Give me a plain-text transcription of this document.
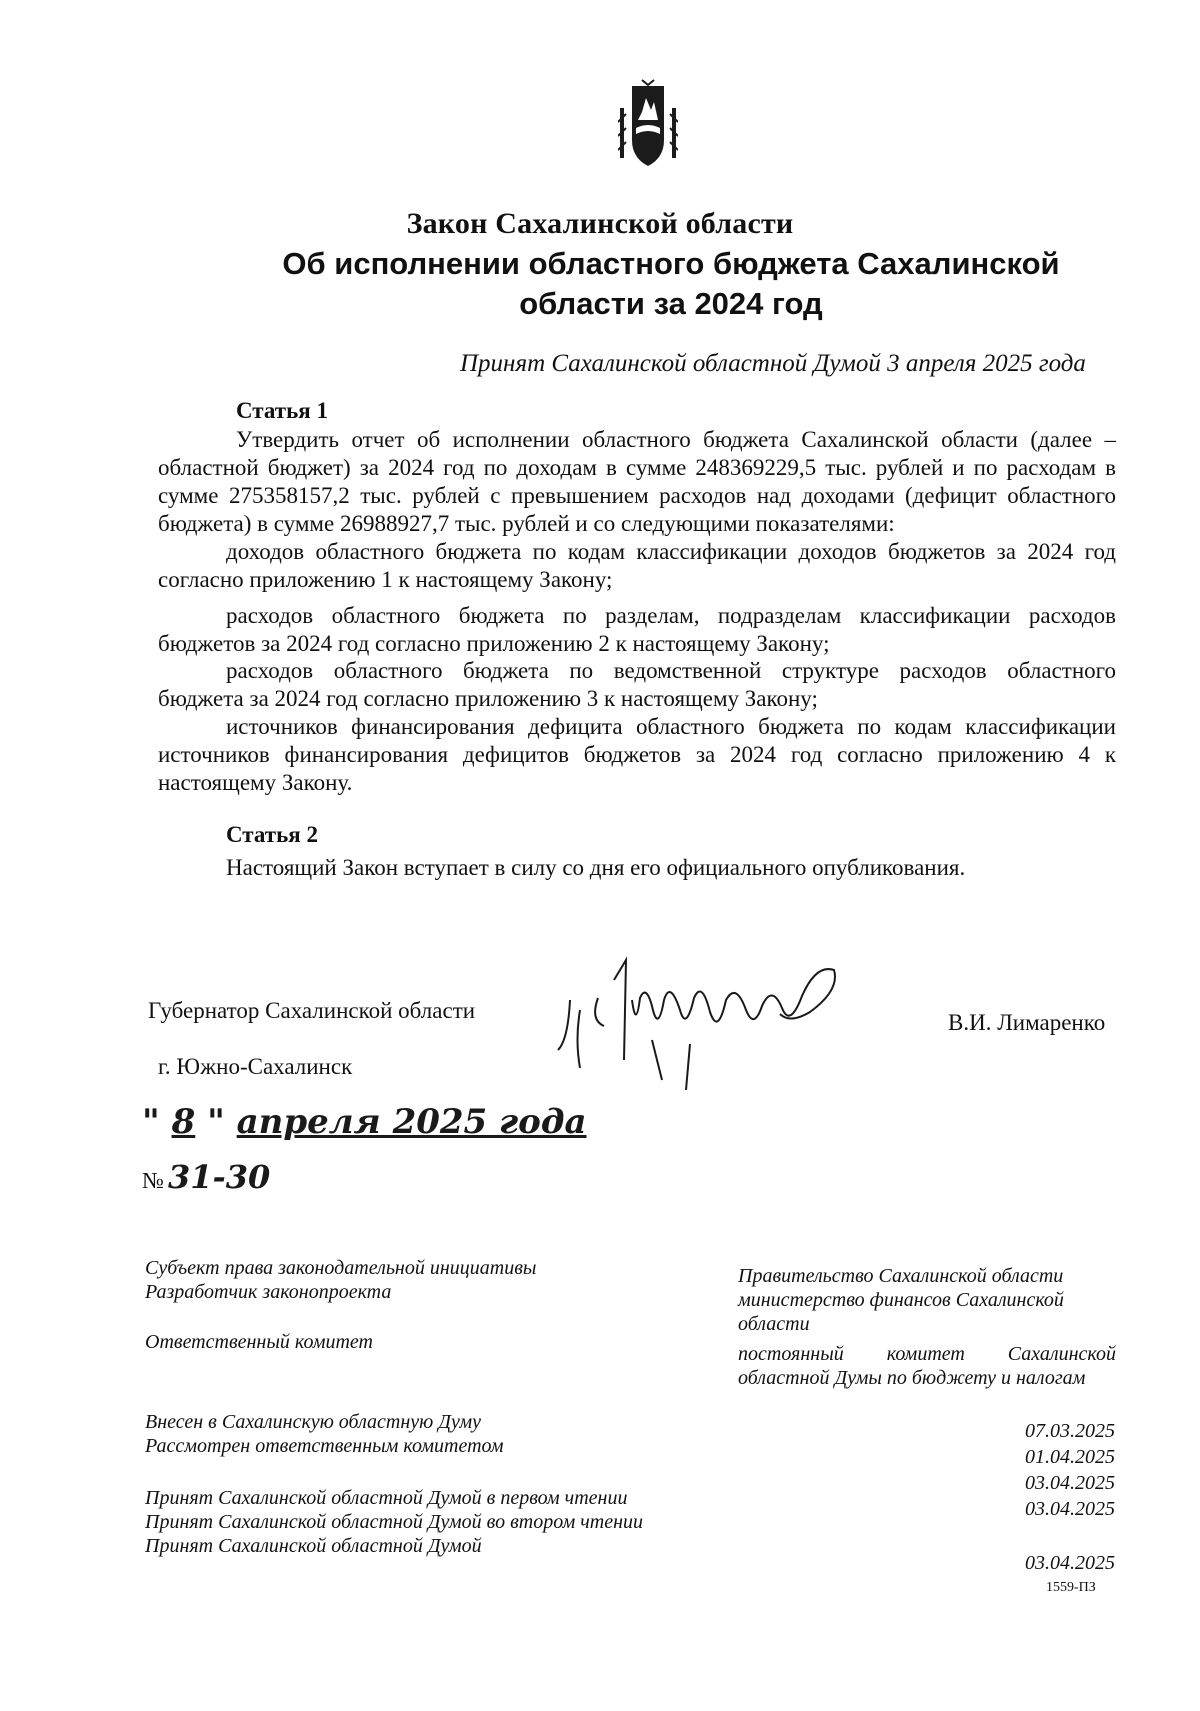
Закон Сахалинской области
Об исполнении областного бюджета Сахалинской
области за 2024 год
Принят Сахалинской областной Думой 3 апреля 2025 года
Статья 1
Утвердить отчет об исполнении областного бюджета Сахалинской области (далее –
областной бюджет) за 2024 год по доходам в сумме 248369229,5 тыс. рублей и по расходам в
сумме 275358157,2 тыс. рублей с превышением расходов над доходами (дефицит областного
бюджета) в сумме 26988927,7 тыс. рублей и со следующими показателями:
доходов областного бюджета по кодам классификации доходов бюджетов за 2024 год
согласно приложению 1 к настоящему Закону;
расходов областного бюджета по разделам, подразделам классификации расходов
бюджетов за 2024 год согласно приложению 2 к настоящему Закону;
расходов областного бюджета по ведомственной структуре расходов областного
бюджета за 2024 год согласно приложению 3 к настоящему Закону;
источников финансирования дефицита областного бюджета по кодам классификации
источников финансирования дефицитов бюджетов за 2024 год согласно приложению 4 к
настоящему Закону.
Статья 2
Настоящий Закон вступает в силу со дня его официального опубликования.
Губернатор Сахалинской области	В.И. Лимаренко
г. Южно-Сахалинск
" 8 " апреля 2025 года
№ 31-30
Субъект права законодательной инициативы
Разработчик законопроекта
Ответственный комитет
Внесен в Сахалинскую областную Думу
Рассмотрен ответственным комитетом
Принят Сахалинской областной Думой в первом чтении
Принят Сахалинской областной Думой во втором чтении
Принят Сахалинской областной Думой
Правительство Сахалинской области
министерство финансов Сахалинской области
постоянный комитет Сахалинской областной Думы по бюджету и налогам
07.03.2025
01.04.2025
03.04.2025
03.04.2025
03.04.2025
1559-ПЗ
